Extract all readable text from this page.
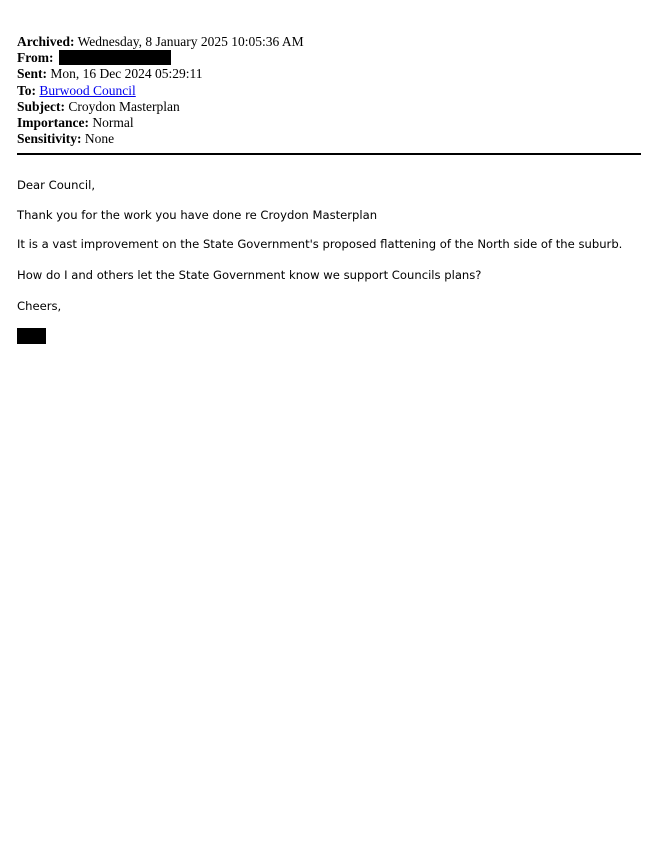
Archived: Wednesday, 8 January 2025 10:05:36 AM
From:
Sent: Mon, 16 Dec 2024 05:29:11
To: Burwood Council
Subject: Croydon Masterplan
Importance: Normal
Sensitivity: None
Dear Council,
Thank you for the work you have done re Croydon Masterplan
It is a vast improvement on the State Government's proposed flattening of the North side of the suburb.
How do I and others let the State Government know we support Councils plans?
Cheers,
